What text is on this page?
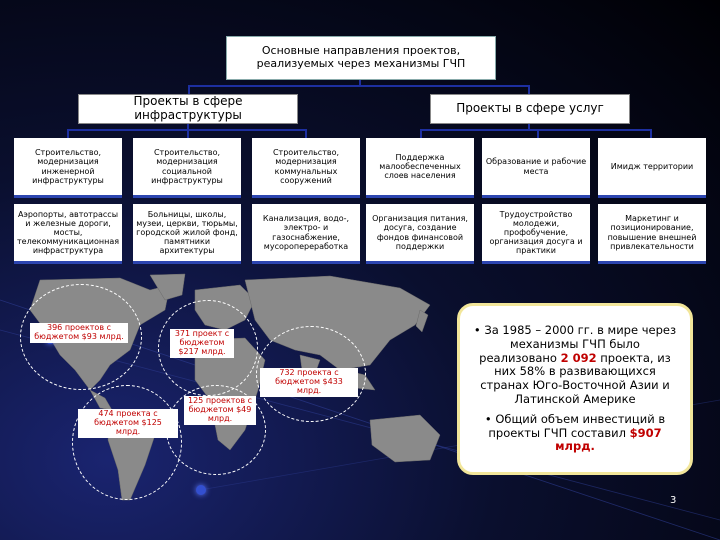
Основные направления проектов, реализуемых через механизмы ГЧП
Проекты в сфере инфраструктуры	Проекты в сфере услуг
Строительство, модернизация инженерной инфраструктуры
Строительство, модернизация социальной инфраструктуры
Строительство, модернизация коммунальных сооружений
Поддержка малообеспеченных слоев населения
Образование и рабочие места
Имидж территории
Аэропорты, автотрассы и железные дороги, мосты, телекоммуникационная инфраструктура
Больницы, школы, музеи, церкви, тюрьмы, городской жилой фонд, памятники архитектуры
Канализация, водо-, электро- и газоснабжение, мусоропереработка
Организация питания, досуга, создание фондов финансовой поддержки
Трудоустройство молодежи, профобучение, организация досуга и практики
Маркетинг и позиционирование, повышение внешней привлекательности
396 проектов с бюджетом $93 млрд.	371 проект с бюджетом $217 млрд.
732 проекта с бюджетом $433 млрд.
474 проекта с бюджетом $125 млрд.
125 проектов с бюджетом $49 млрд.
• За 1985 – 2000 гг. в мире через механизмы ГЧП было реализовано 2 092 проекта, из них 58% в развивающихся странах Юго-Восточной Азии и Латинской Америке
• Общий объем инвестиций в проекты ГЧП составил $907 млрд.
3
